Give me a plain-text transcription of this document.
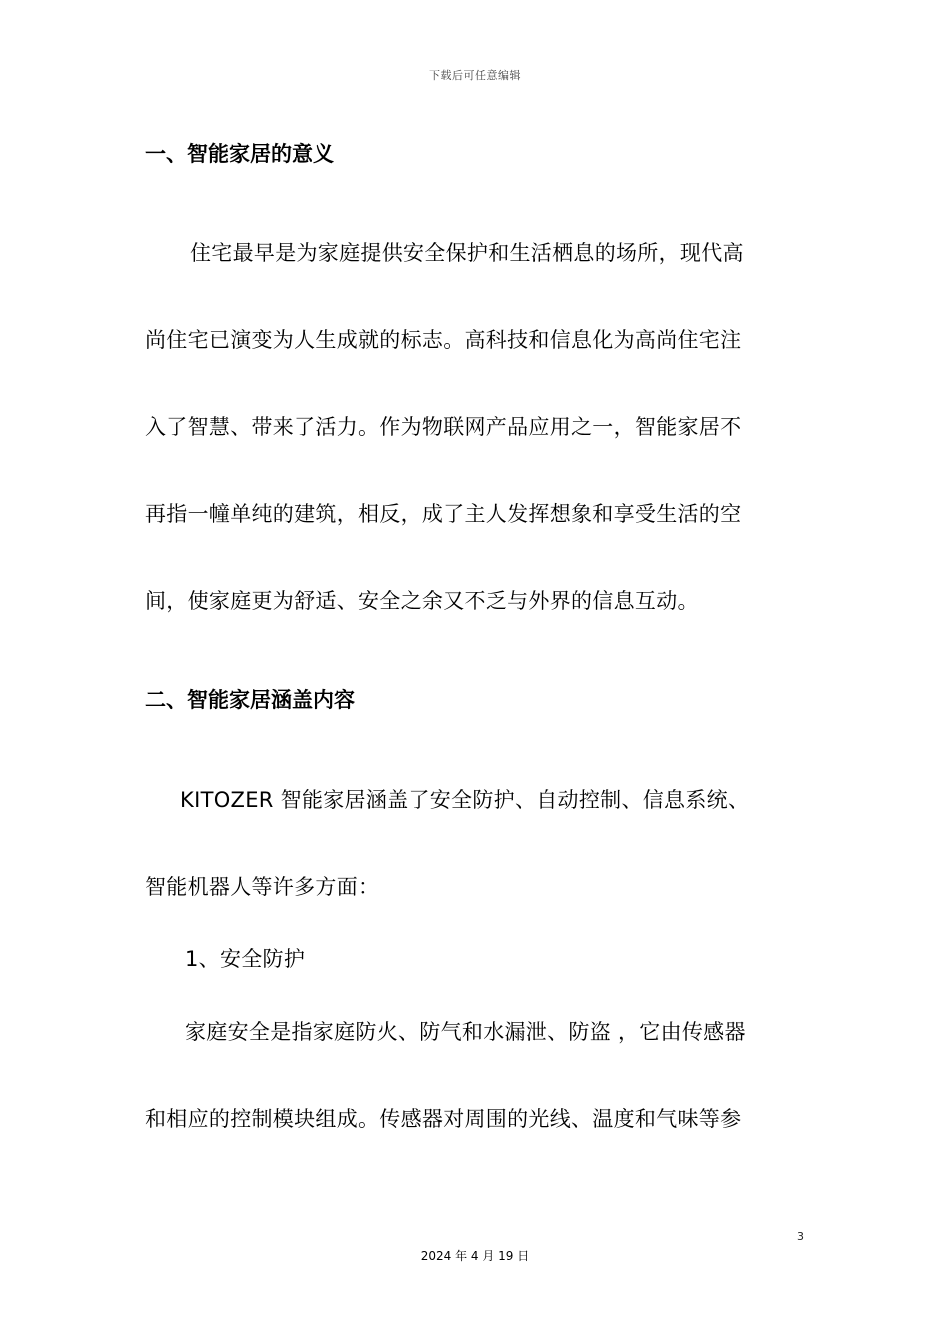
下载后可任意编辑
一、智能家居的意义
住宅最早是为家庭提供安全保护和生活栖息的场所，现代高
尚住宅已演变为人生成就的标志。高科技和信息化为高尚住宅注
入了智慧、带来了活力。作为物联网产品应用之一，智能家居不
再指一幢单纯的建筑，相反，成了主人发挥想象和享受生活的空
间，使家庭更为舒适、安全之余又不乏与外界的信息互动。
二、智能家居涵盖内容
KITOZER 智能家居涵盖了安全防护、自动控制、信息系统、
智能机器人等许多方面：
1、安全防护
家庭安全是指家庭防火、防气和水漏泄、防盗 ，它由传感器
和相应的控制模块组成。传感器对周围的光线、温度和气味等参
3
2024 年 4 月 19 日
